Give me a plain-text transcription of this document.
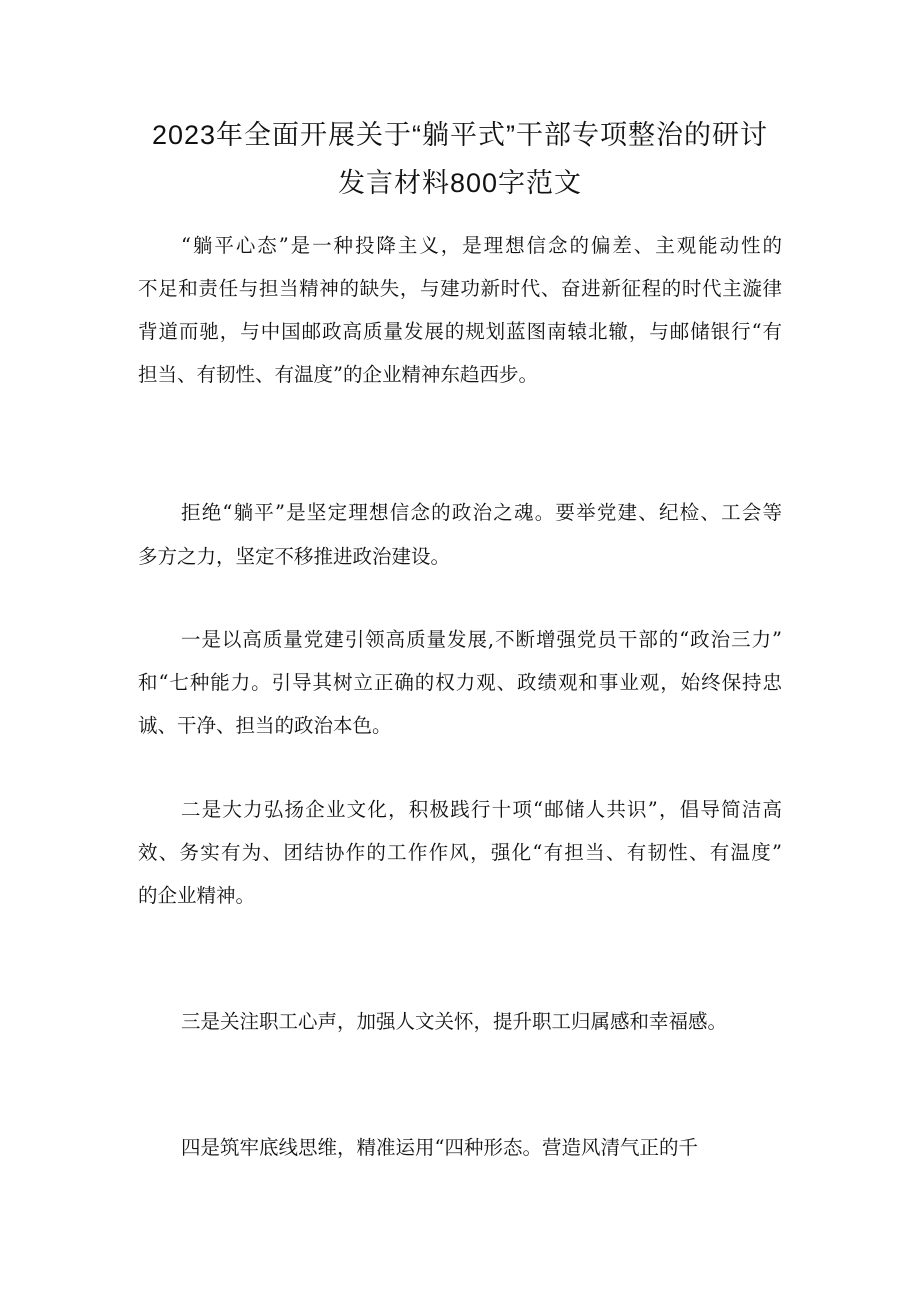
2023年全面开展关于“躺平式”干部专项整治的研讨
发言材料800字范文
“躺平心态”是一种投降主义，是理想信念的偏差、主观能动性的
不足和责任与担当精神的缺失，与建功新时代、奋进新征程的时代主漩律
背道而驰，与中国邮政高质量发展的规划蓝图南辕北辙，与邮储银行“有
担当、有韧性、有温度”的企业精神东趋西步。
拒绝“躺平”是坚定理想信念的政治之魂。要举党建、纪检、工会等
多方之力，坚定不移推进政治建设。
一是以高质量党建引领高质量发展,不断增强党员干部的“政治三力”
和“七种能力。引导其树立正确的权力观、政绩观和事业观，始终保持忠
诚、干净、担当的政治本色。
二是大力弘扬企业文化，积极践行十项“邮储人共识”，倡导简洁高
效、务实有为、团结协作的工作作风，强化“有担当、有韧性、有温度”
的企业精神。
三是关注职工心声，加强人文关怀，提升职工归属感和幸福感。
四是筑牢底线思维，精准运用“四种形态。营造风清气正的千
